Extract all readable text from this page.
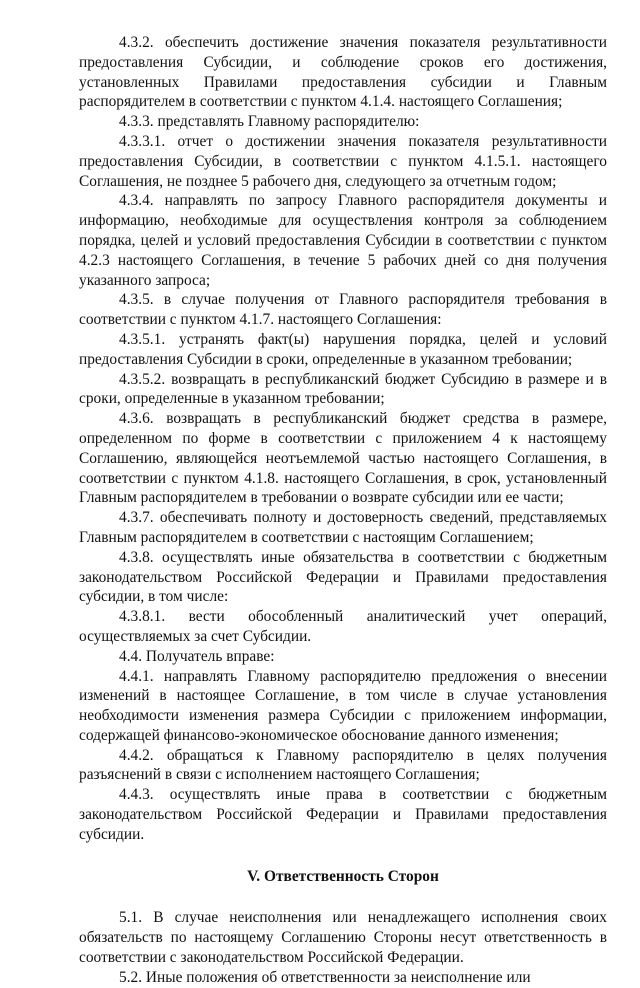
4.3.2. обеспечить достижение значения показателя результативности предоставления Субсидии, и соблюдение сроков его достижения, установленных Правилами предоставления субсидии и Главным распорядителем в соответствии с пунктом 4.1.4. настоящего Соглашения;

4.3.3. представлять Главному распорядителю:

4.3.3.1. отчет о достижении значения показателя результативности предоставления Субсидии, в соответствии с пунктом 4.1.5.1. настоящего Соглашения, не позднее 5 рабочего дня, следующего за отчетным годом;

4.3.4. направлять по запросу Главного распорядителя документы и информацию, необходимые для осуществления контроля за соблюдением порядка, целей и условий предоставления Субсидии в соответствии с пунктом 4.2.3 настоящего Соглашения, в течение 5 рабочих дней со дня получения указанного запроса;

4.3.5. в случае получения от Главного распорядителя требования в соответствии с пунктом 4.1.7. настоящего Соглашения:

4.3.5.1. устранять факт(ы) нарушения порядка, целей и условий предоставления Субсидии в сроки, определенные в указанном требовании;

4.3.5.2. возвращать в республиканский бюджет Субсидию в размере и в сроки, определенные в указанном требовании;

4.3.6. возвращать в республиканский бюджет средства в размере, определенном по форме в соответствии с приложением 4 к настоящему Соглашению, являющейся неотъемлемой частью настоящего Соглашения, в соответствии с пунктом 4.1.8. настоящего Соглашения, в срок, установленный Главным распорядителем в требовании о возврате субсидии или ее части;

4.3.7. обеспечивать полноту и достоверность сведений, представляемых Главным распорядителем в соответствии с настоящим Соглашением;

4.3.8. осуществлять иные обязательства в соответствии с бюджетным законодательством Российской Федерации и Правилами предоставления субсидии, в том числе:

4.3.8.1. вести обособленный аналитический учет операций, осуществляемых за счет Субсидии.

4.4. Получатель вправе:

4.4.1. направлять Главному распорядителю предложения о внесении изменений в настоящее Соглашение, в том числе в случае установления необходимости изменения размера Субсидии с приложением информации, содержащей финансово-экономическое обоснование данного изменения;

4.4.2. обращаться к Главному распорядителю в целях получения разъяснений в связи с исполнением настоящего Соглашения;

4.4.3. осуществлять иные права в соответствии с бюджетным законодательством Российской Федерации и Правилами предоставления субсидии.

V. Ответственность Сторон

5.1. В случае неисполнения или ненадлежащего исполнения своих обязательств по настоящему Соглашению Стороны несут ответственность в соответствии с законодательством Российской Федерации.

5.2. Иные положения об ответственности за неисполнение или
